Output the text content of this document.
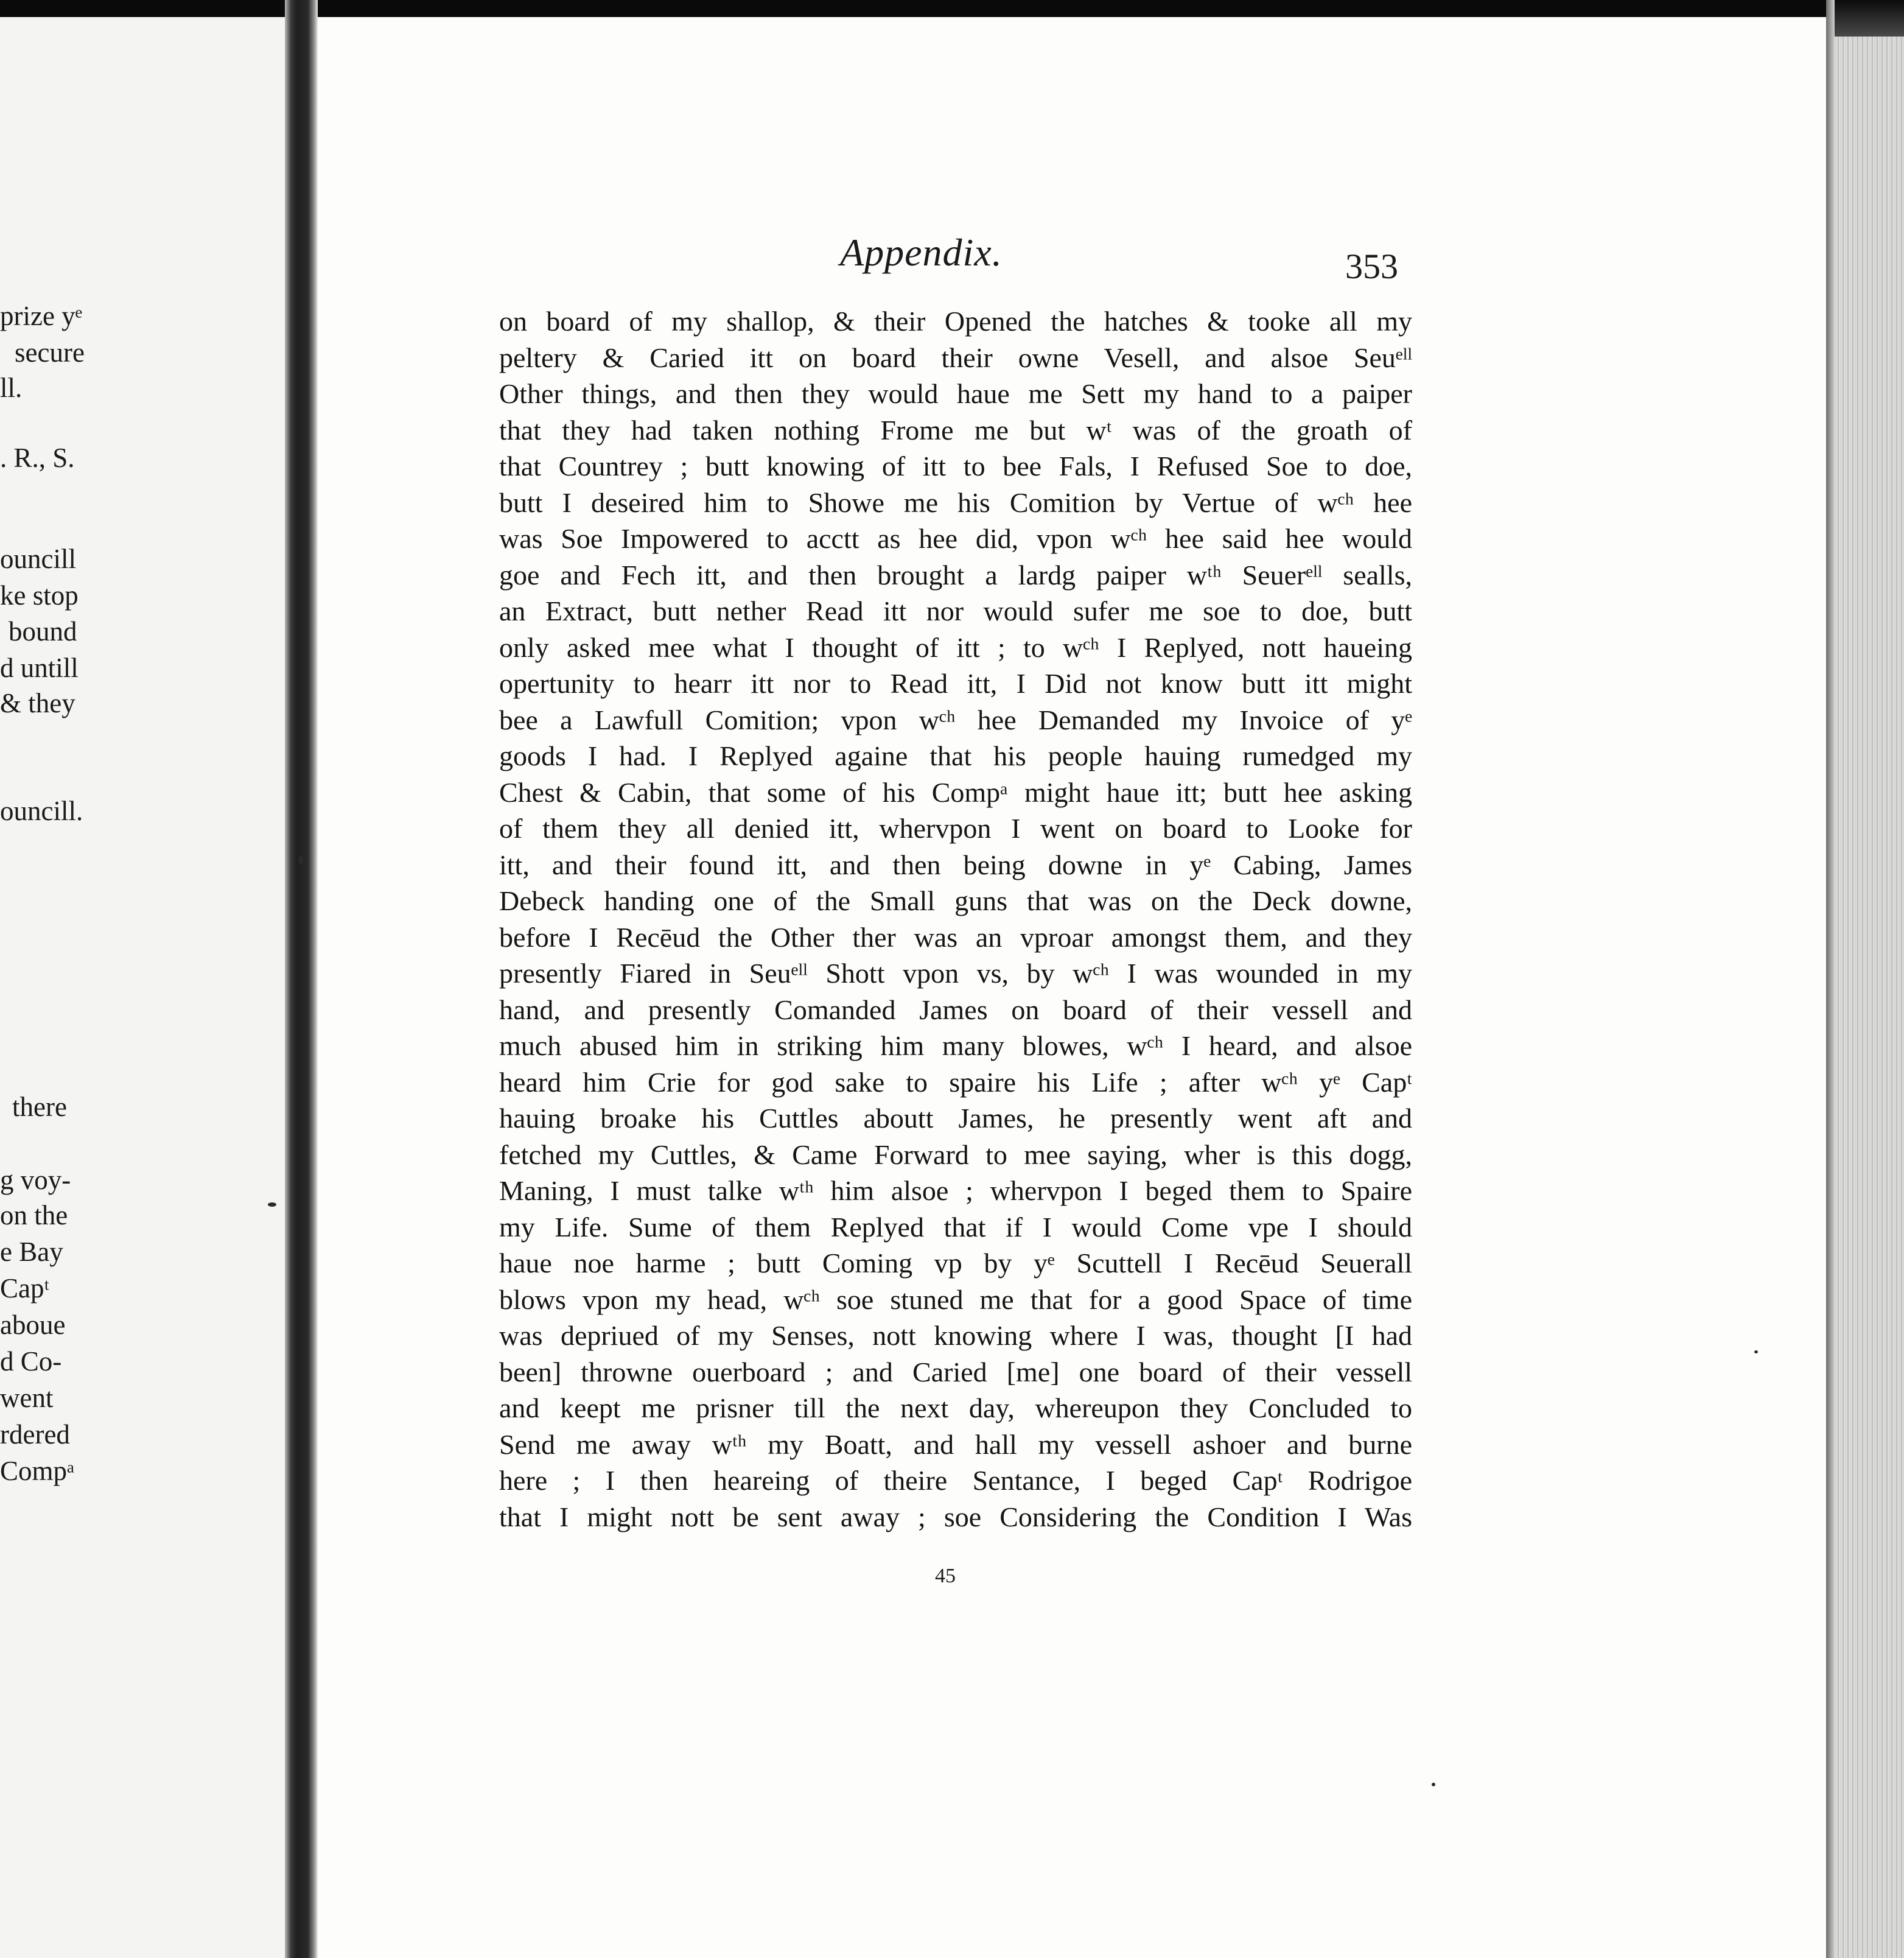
prize yᵉ
secure
ll.
. R., S.
ouncill
ke stop
bound
d untill
& they
ouncill.
there
g voy-
on the
e Bay
Capᵗ
aboue
d Co-
went
rdered
Compᵃ
Appendix.	353
on board of my shallop, & their Opened the hatches & tooke all my
peltery & Caried itt on board their owne Vesell, and alsoe Seuᵉˡˡ
Other things, and then they would haue me Sett my hand to a paiper
that they had taken nothing Frome me but wᵗ was of the groath of
that Countrey ; butt knowing of itt to bee Fals, I Refused Soe to doe,
butt I deseired him to Showe me his Comition by Vertue of wᶜʰ hee
was Soe Impowered to acctt as hee did, vpon wᶜʰ hee said hee would
goe and Fech itt, and then brought a lardg paiper wᵗʰ Seuerᵉˡˡ sealls,
an Extract, butt nether Read itt nor would sufer me soe to doe, butt
only asked mee what I thought of itt ; to wᶜʰ I Replyed, nott haueing
opertunity to hearr itt nor to Read itt, I Did not know butt itt might
bee a Lawfull Comition; vpon wᶜʰ hee Demanded my Invoice of yᵉ
goods I had. I Replyed againe that his people hauing rumedged my
Chest & Cabin, that some of his Compᵃ might haue itt; butt hee asking
of them they all denied itt, whervpon I went on board to Looke for
itt, and their found itt, and then being downe in yᵉ Cabing, James
Debeck handing one of the Small guns that was on the Deck downe,
before I Recēud the Other ther was an vproar amongst them, and they
presently Fiared in Seuᵉˡˡ Shott vpon vs, by wᶜʰ I was wounded in my
hand, and presently Comanded James on board of their vessell and
much abused him in striking him many blowes, wᶜʰ I heard, and alsoe
heard him Crie for god sake to spaire his Life ; after wᶜʰ yᵉ Capᵗ
hauing broake his Cuttles aboutt James, he presently went aft and
fetched my Cuttles, & Came Forward to mee saying, wher is this dogg,
Maning, I must talke wᵗʰ him alsoe ; whervpon I beged them to Spaire
my Life. Sume of them Replyed that if I would Come vpe I should
haue noe harme ; butt Coming vp by yᵉ Scuttell I Recēud Seuerall
blows vpon my head, wᶜʰ soe stuned me that for a good Space of time
was depriued of my Senses, nott knowing where I was, thought [I had
been] throwne ouerboard ; and Caried [me] one board of their vessell
and keept me prisner till the next day, whereupon they Concluded to
Send me away wᵗʰ my Boatt, and hall my vessell ashoer and burne
here ; I then heareing of theire Sentance, I beged Capᵗ Rodrigoe
that I might nott be sent away ; soe Considering the Condition I Was
45
